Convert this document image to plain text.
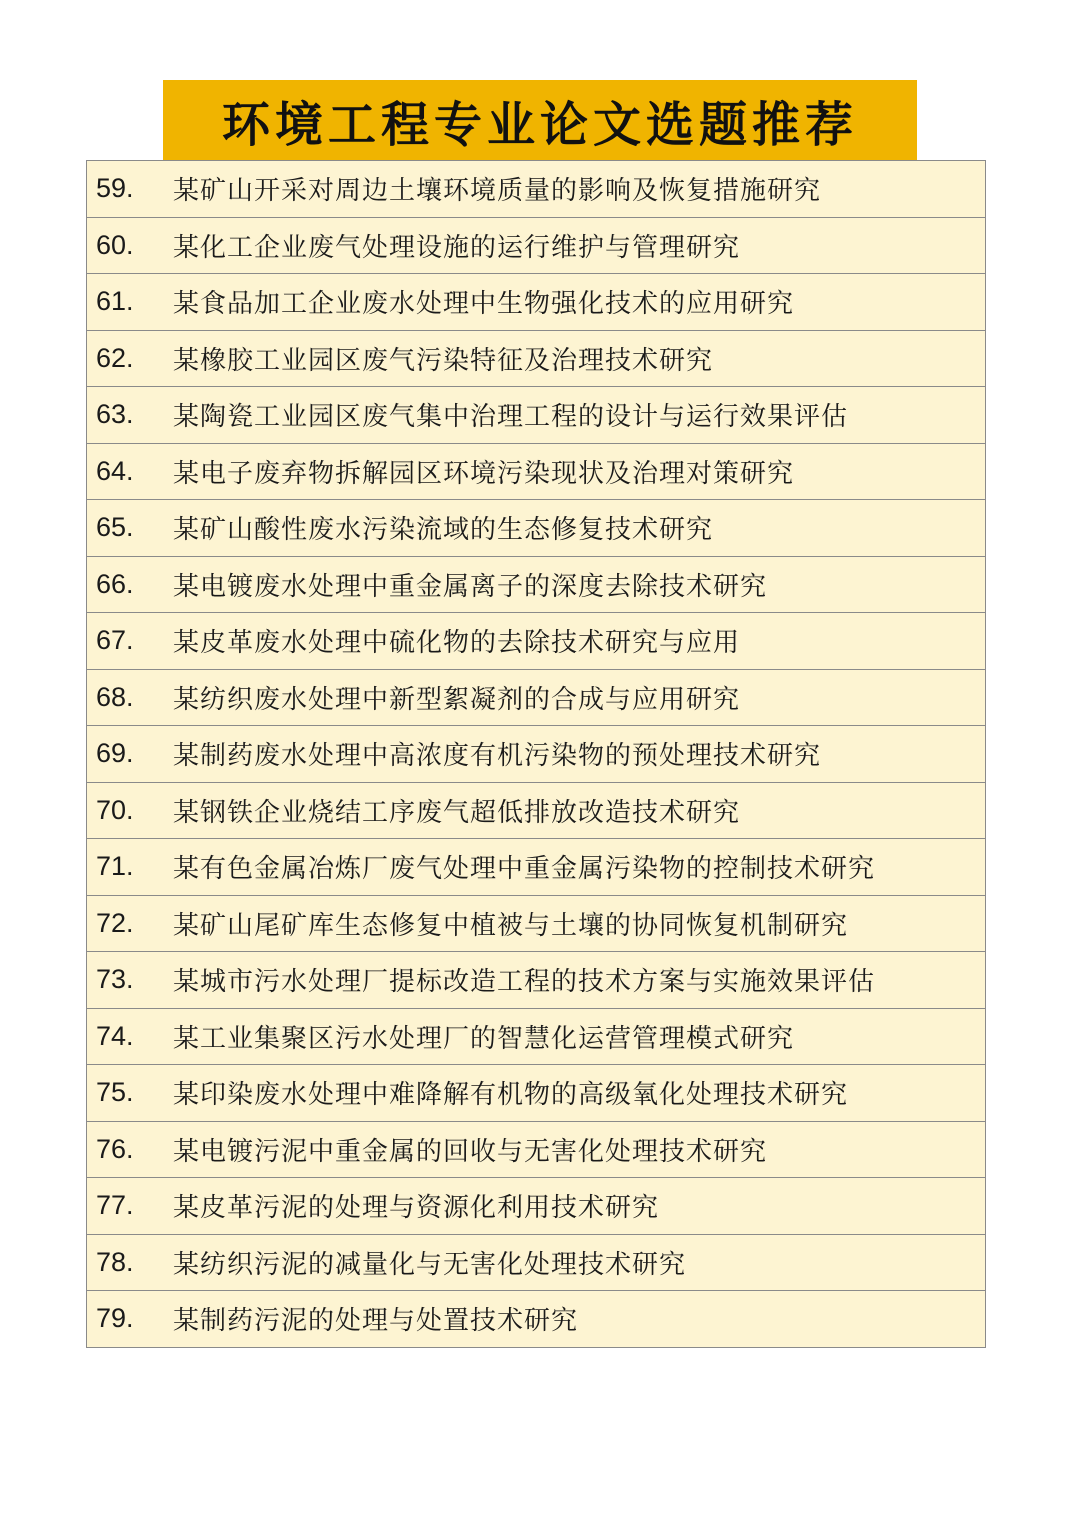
环境工程专业论文选题推荐
59.	某矿山开采对周边土壤环境质量的影响及恢复措施研究
60.	某化工企业废气处理设施的运行维护与管理研究
61.	某食品加工企业废水处理中生物强化技术的应用研究
62.	某橡胶工业园区废气污染特征及治理技术研究
63.	某陶瓷工业园区废气集中治理工程的设计与运行效果评估
64.	某电子废弃物拆解园区环境污染现状及治理对策研究
65.	某矿山酸性废水污染流域的生态修复技术研究
66.	某电镀废水处理中重金属离子的深度去除技术研究
67.	某皮革废水处理中硫化物的去除技术研究与应用
68.	某纺织废水处理中新型絮凝剂的合成与应用研究
69.	某制药废水处理中高浓度有机污染物的预处理技术研究
70.	某钢铁企业烧结工序废气超低排放改造技术研究
71.	某有色金属冶炼厂废气处理中重金属污染物的控制技术研究
72.	某矿山尾矿库生态修复中植被与土壤的协同恢复机制研究
73.	某城市污水处理厂提标改造工程的技术方案与实施效果评估
74.	某工业集聚区污水处理厂的智慧化运营管理模式研究
75.	某印染废水处理中难降解有机物的高级氧化处理技术研究
76.	某电镀污泥中重金属的回收与无害化处理技术研究
77.	某皮革污泥的处理与资源化利用技术研究
78.	某纺织污泥的减量化与无害化处理技术研究
79.	某制药污泥的处理与处置技术研究
